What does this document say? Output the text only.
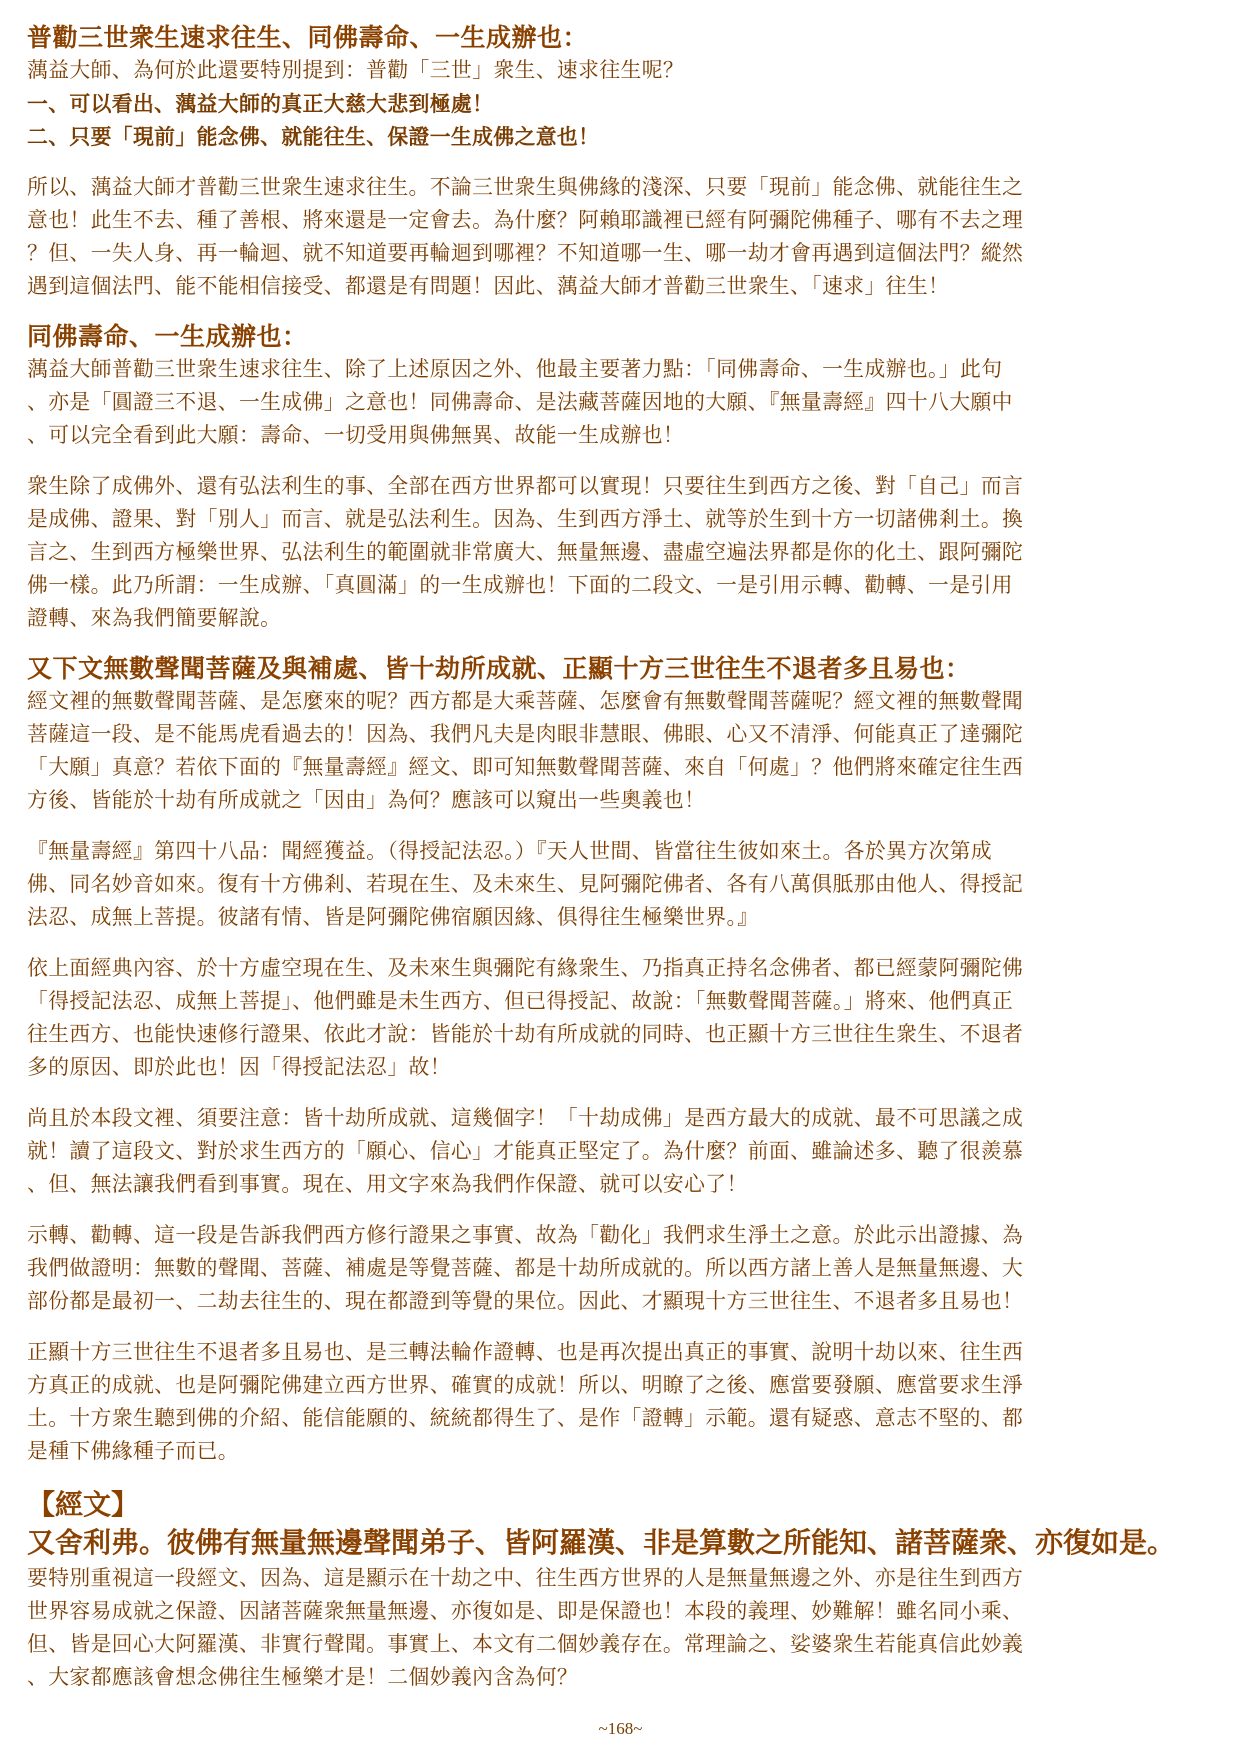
普勸三世衆生速求往生、同佛壽命、一生成辦也：
蕅益大師、為何於此還要特別提到：普勸「三世」衆生、速求往生呢？
一、可以看出、蕅益大師的真正大慈大悲到極處！
二、只要「現前」能念佛、就能往生、保證一生成佛之意也！
所以、蕅益大師才普勸三世衆生速求往生。不論三世衆生與佛緣的淺深、只要「現前」能念佛、就能往生之
意也！此生不去、種了善根、將來還是一定會去。為什麼？阿賴耶識裡已經有阿彌陀佛種子、哪有不去之理
？但、一失人身、再一輪迴、就不知道要再輪迴到哪裡？不知道哪一生、哪一劫才會再遇到這個法門？縱然
遇到這個法門、能不能相信接受、都還是有問題！因此、蕅益大師才普勸三世衆生、「速求」往生！
同佛壽命、一生成辦也：
蕅益大師普勸三世衆生速求往生、除了上述原因之外、他最主要著力點：「同佛壽命、一生成辦也。」此句
、亦是「圓證三不退、一生成佛」之意也！同佛壽命、是法藏菩薩因地的大願、『無量壽經』四十八大願中
、可以完全看到此大願：壽命、一切受用與佛無異、故能一生成辦也！
衆生除了成佛外、還有弘法利生的事、全部在西方世界都可以實現！只要往生到西方之後、對「自己」而言
是成佛、證果、對「別人」而言、就是弘法利生。因為、生到西方淨土、就等於生到十方一切諸佛剎土。換
言之、生到西方極樂世界、弘法利生的範圍就非常廣大、無量無邊、盡虛空遍法界都是你的化土、跟阿彌陀
佛一樣。此乃所謂：一生成辦、「真圓滿」的一生成辦也！下面的二段文、一是引用示轉、勸轉、一是引用
證轉、來為我們簡要解說。
又下文無數聲聞菩薩及與補處、皆十劫所成就、正顯十方三世往生不退者多且易也：
經文裡的無數聲聞菩薩、是怎麼來的呢？西方都是大乘菩薩、怎麼會有無數聲聞菩薩呢？經文裡的無數聲聞
菩薩這一段、是不能馬虎看過去的！因為、我們凡夫是肉眼非慧眼、佛眼、心又不清淨、何能真正了達彌陀
「大願」真意？若依下面的『無量壽經』經文、即可知無數聲聞菩薩、來自「何處」？他們將來確定往生西
方後、皆能於十劫有所成就之「因由」為何？應該可以窺出一些奧義也！
『無量壽經』第四十八品：聞經獲益。（得授記法忍。）『天人世間、皆當往生彼如來土。各於異方次第成
佛、同名妙音如來。復有十方佛剎、若現在生、及未來生、見阿彌陀佛者、各有八萬俱胝那由他人、得授記
法忍、成無上菩提。彼諸有情、皆是阿彌陀佛宿願因緣、俱得往生極樂世界。』
依上面經典內容、於十方虛空現在生、及未來生與彌陀有緣衆生、乃指真正持名念佛者、都已經蒙阿彌陀佛
「得授記法忍、成無上菩提」、他們雖是未生西方、但已得授記、故說：「無數聲聞菩薩。」將來、他們真正
往生西方、也能快速修行證果、依此才說：皆能於十劫有所成就的同時、也正顯十方三世往生衆生、不退者
多的原因、即於此也！因「得授記法忍」故！
尚且於本段文裡、須要注意：皆十劫所成就、這幾個字！「十劫成佛」是西方最大的成就、最不可思議之成
就！讀了這段文、對於求生西方的「願心、信心」才能真正堅定了。為什麼？前面、雖論述多、聽了很羨慕
、但、無法讓我們看到事實。現在、用文字來為我們作保證、就可以安心了！
示轉、勸轉、這一段是告訴我們西方修行證果之事實、故為「勸化」我們求生淨土之意。於此示出證據、為
我們做證明：無數的聲聞、菩薩、補處是等覺菩薩、都是十劫所成就的。所以西方諸上善人是無量無邊、大
部份都是最初一、二劫去往生的、現在都證到等覺的果位。因此、才顯現十方三世往生、不退者多且易也！
正顯十方三世往生不退者多且易也、是三轉法輪作證轉、也是再次提出真正的事實、說明十劫以來、往生西
方真正的成就、也是阿彌陀佛建立西方世界、確實的成就！所以、明瞭了之後、應當要發願、應當要求生淨
土。十方衆生聽到佛的介紹、能信能願的、統統都得生了、是作「證轉」示範。還有疑惑、意志不堅的、都
是種下佛緣種子而已。
【經文】
又舍利弗。彼佛有無量無邊聲聞弟子、皆阿羅漢、非是算數之所能知、諸菩薩衆、亦復如是。
要特別重視這一段經文、因為、這是顯示在十劫之中、往生西方世界的人是無量無邊之外、亦是往生到西方
世界容易成就之保證、因諸菩薩衆無量無邊、亦復如是、即是保證也！本段的義理、妙難解！雖名同小乘、
但、皆是回心大阿羅漢、非實行聲聞。事實上、本文有二個妙義存在。常理論之、娑婆衆生若能真信此妙義
、大家都應該會想念佛往生極樂才是！二個妙義內含為何？
~168~
